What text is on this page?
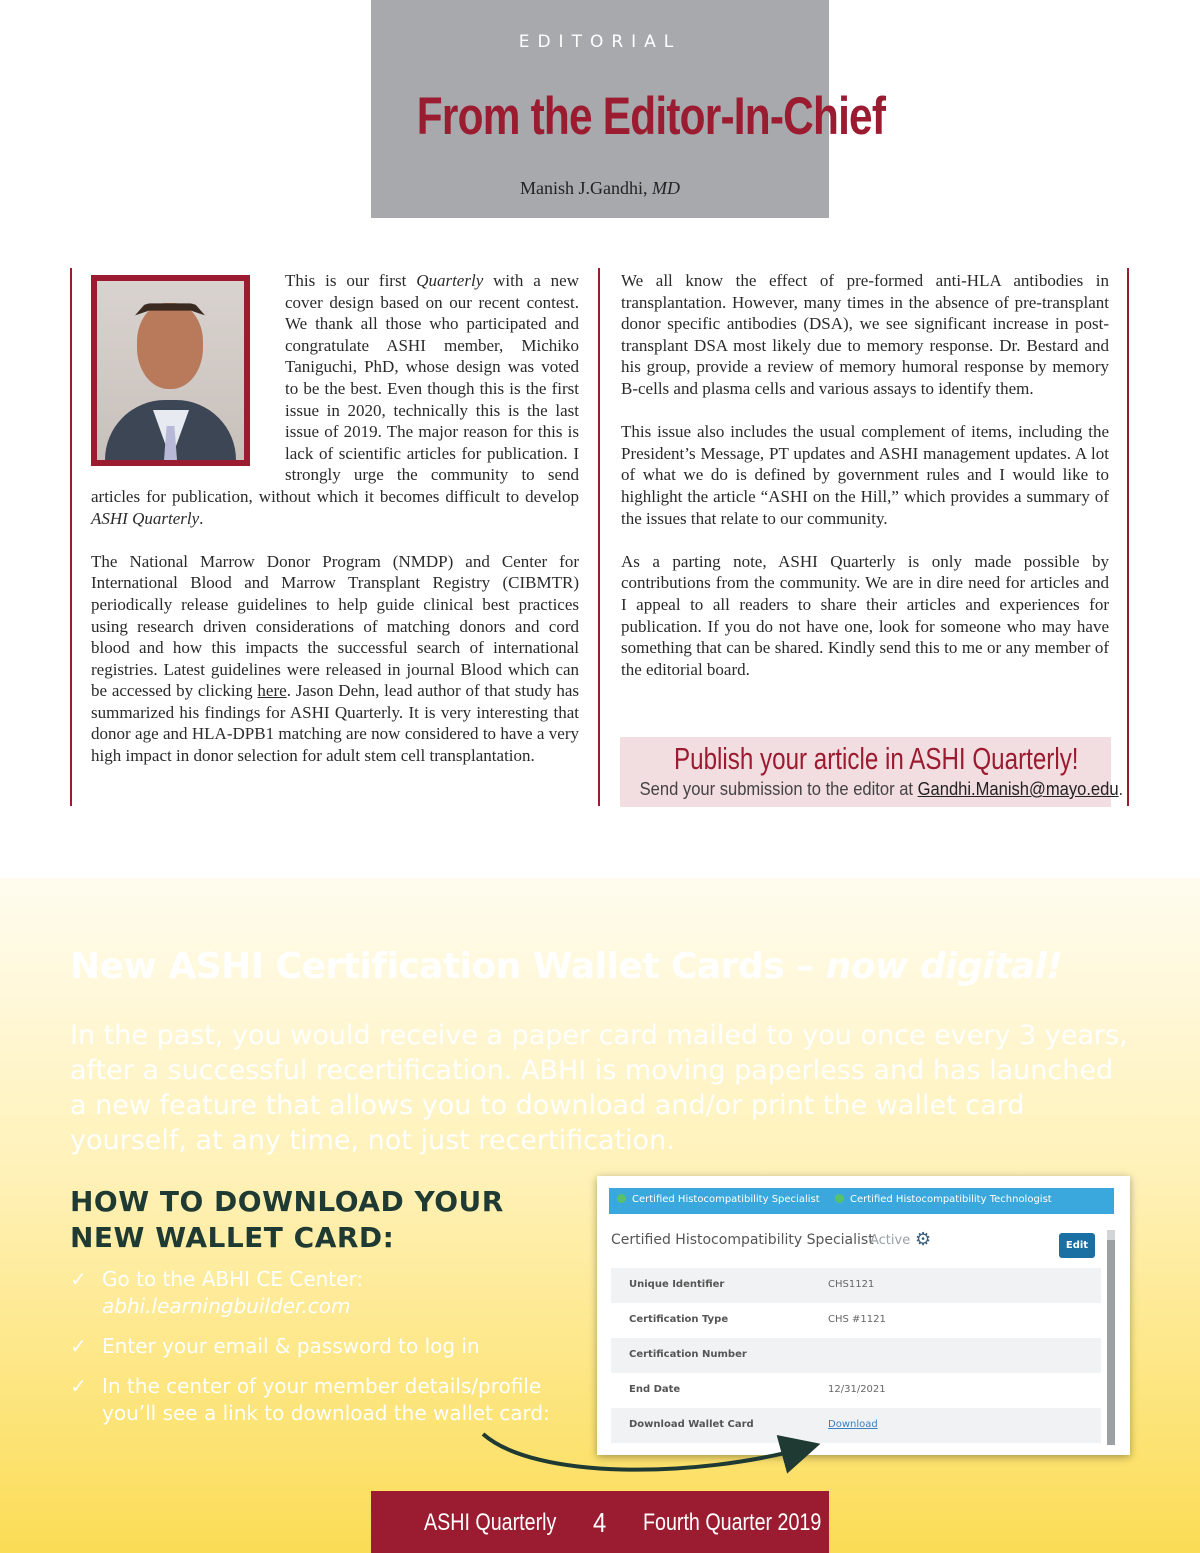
EDITORIAL
From the Editor-In-Chief
Manish J.Gandhi, MD

This is our first Quarterly with a new cover design based on our recent contest. We thank all those who participated and congratulate ASHI member, Michiko Taniguchi, PhD, whose design was voted to be the best. Even though this is the first issue in 2020, technically this is the last issue of 2019. The major reason for this is lack of scientific articles for publication. I strongly urge the community to send articles for publication, without which it becomes difficult to develop ASHI Quarterly.

The National Marrow Donor Program (NMDP) and Center for International Blood and Marrow Transplant Registry (CIBMTR) periodically release guidelines to help guide clinical best practices using research driven considerations of matching donors and cord blood and how this impacts the successful search of international registries. Latest guidelines were released in journal Blood which can be accessed by clicking here. Jason Dehn, lead author of that study has summarized his findings for ASHI Quarterly. It is very interesting that donor age and HLA-DPB1 matching are now considered to have a very high impact in donor selection for adult stem cell transplantation.

We all know the effect of pre-formed anti-HLA antibodies in transplantation. However, many times in the absence of pre-transplant donor specific antibodies (DSA), we see significant increase in post-transplant DSA most likely due to memory response. Dr. Bestard and his group, provide a review of memory humoral response by memory B-cells and plasma cells and various assays to identify them.

This issue also includes the usual complement of items, including the President’s Message, PT updates and ASHI management updates. A lot of what we do is defined by government rules and I would like to highlight the article “ASHI on the Hill,” which provides a summary of the issues that relate to our community.

As a parting note, ASHI Quarterly is only made possible by contributions from the community. We are in dire need for articles and I appeal to all readers to share their articles and experiences for publication. If you do not have one, look for someone who may have something that can be shared. Kindly send this to me or any member of the editorial board.

Publish your article in ASHI Quarterly!
Send your submission to the editor at Gandhi.Manish@mayo.edu.
New ASHI Certification Wallet Cards – now digital!
In the past, you would receive a paper card mailed to you once every 3 years, after a successful recertification. ABHI is moving paperless and has launched a new feature that allows you to download and/or print the wallet card yourself, at any time, not just recertification.
HOW TO DOWNLOAD YOUR NEW WALLET CARD:
✓ Go to the ABHI CE Center:
abhi.learningbuilder.com
✓ Enter your email & password to log in
✓ In the center of your member details/profile you’ll see a link to download the wallet card:
Certified Histocompatibility Specialist	Certified Histocompatibility Technologist
Certified Histocompatibility Specialist
Active ⚙	Edit
Unique Identifier	CHS1121
Certification Type	CHS #1121
Certification Number
End Date	12/31/2021
Download Wallet Card	Download
ASHI Quarterly 4 Fourth Quarter 2019
